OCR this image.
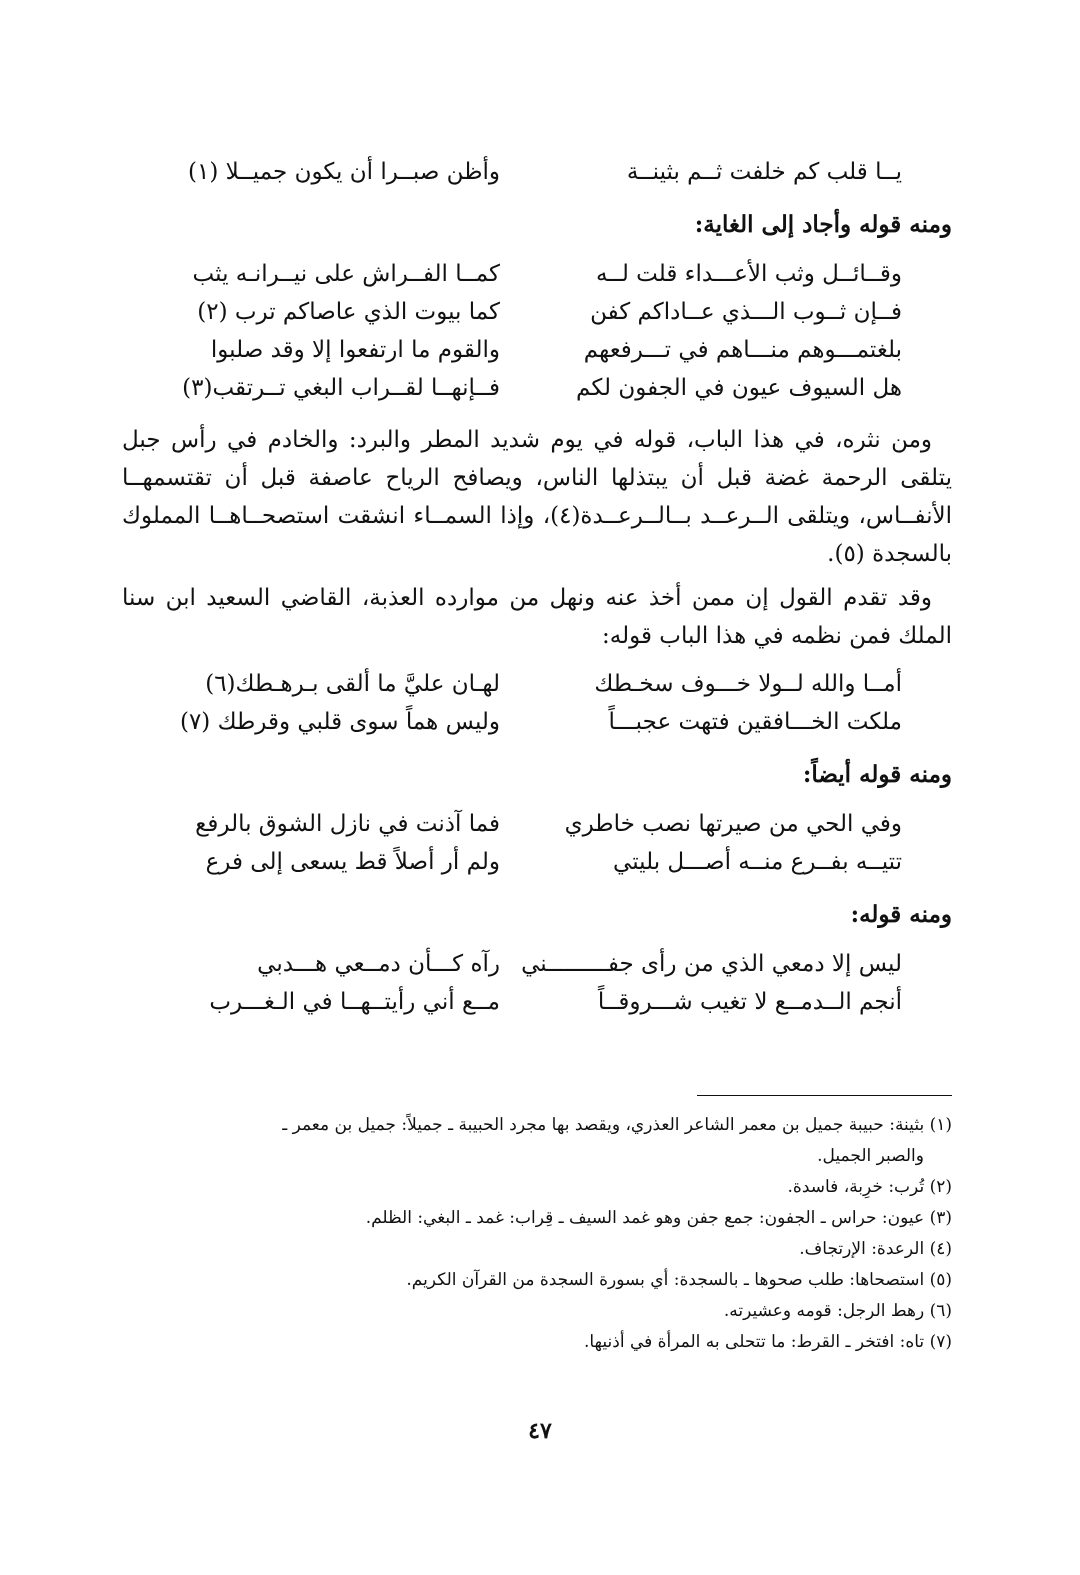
يــا قلب كم خلفت ثــم بثينــة
وأظن صبــرا أن يكون جميــلا (١)
ومنه قوله وأجاد إلى الغاية:
وقــائــل وثب الأعـــداء قلت لــه
كمــا الفــراش على نيــرانـه يثب
فــإن ثــوب الـــذي عــاداكم كفن
كما بيوت الذي عاصاكم ترب (٢)
بلغتمـــوهم منـــاهم في تـــرفعهم
والقوم ما ارتفعوا إلا وقد صلبوا
هل السيوف عيون في الجفون لكم
فــإنهــا لقــراب البغي تــرتقب(٣)

ومن نثره، في هذا الباب، قوله في يوم شديد المطر والبرد: والخادم في رأس جبل يتلقى الرحمة غضة قبل أن يبتذلها الناس، ويصافح الرياح عاصفة قبل أن تقتسمهــا الأنفــاس، ويتلقى الــرعــد بــالــرعــدة(٤)، وإذا السمــاء انشقت استصحــاهــا المملوك بالسجدة (٥).

وقد تقدم القول إن ممن أخذ عنه ونهل من موارده العذبة، القاضي السعيد ابن سنا الملك فمن نظمه في هذا الباب قوله:

أمــا والله لــولا خـــوف سخـطك
لهـان عليَّ ما ألقى بـرهـطك(٦)
ملكت الخـــافقين فتهت عجبـــاً
وليس هماً سوى قلبي وقرطك (٧)
ومنه قوله أيضاً:
وفي الحي من صيرتها نصب خاطري
فما آذنت في نازل الشوق بالرفع
تتيــه بفــرع منــه أصـــل بليتي
ولم أر أصلاً قط يسعى إلى فرع
ومنه قوله:
ليس إلا دمعي الذي من رأى جفـــــــــني
رآه كـــأن دمــعي هـــدبي
أنجم الــدمــع لا تغيب شـــروقــاً
مــع أني رأيتــهــا في الـغـــرب

(١) بثينة: حبيبة جميل بن معمر الشاعر العذري، ويقصد بها مجرد الحبيبة ـ جميلاً: جميل بن معمر ـ

والصبر الجميل.

(٢) تُرب: خرِبة، فاسدة.

(٣) عيون: حراس ـ الجفون: جمع جفن وهو غمد السيف ـ قِراب: غمد ـ البغي: الظلم.

(٤) الرعدة: الإرتجاف.

(٥) استصحاها: طلب صحوها ـ بالسجدة: أي بسورة السجدة من القرآن الكريم.

(٦) رهط الرجل: قومه وعشيرته.

(٧) تاه: افتخر ـ القرط: ما تتحلى به المرأة في أذنيها.

٤٧
